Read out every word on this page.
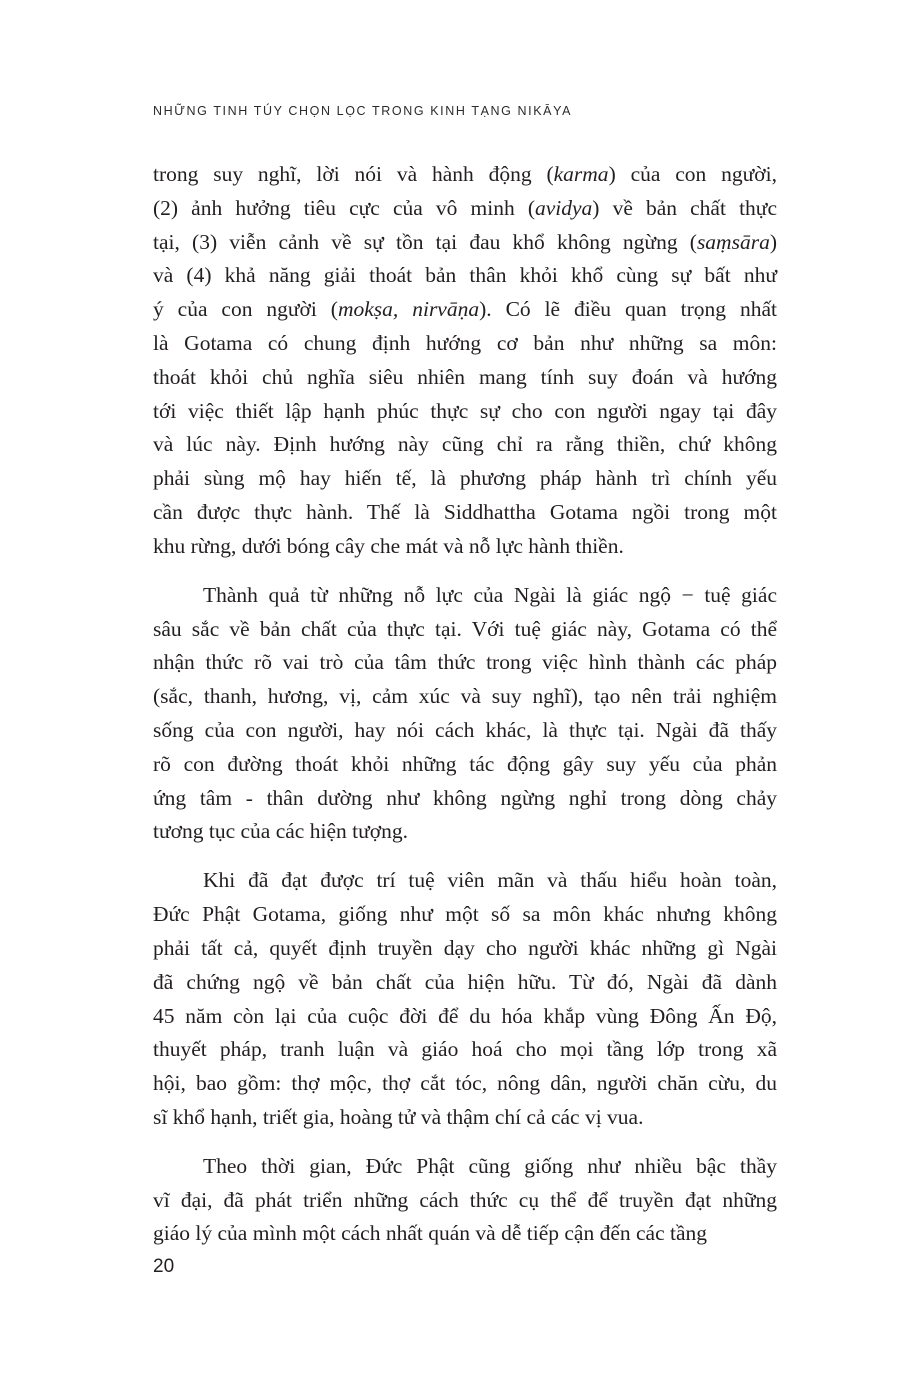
NHỮNG TINH TÚY CHỌN LỌC TRONG KINH TẠNG NIKĀYA
trong suy nghĩ, lời nói và hành động (karma) của con người,
(2) ảnh hưởng tiêu cực của vô minh (avidya) về bản chất thực
tại, (3) viễn cảnh về sự tồn tại đau khổ không ngừng (saṃsāra)
và (4) khả năng giải thoát bản thân khỏi khổ cùng sự bất như
ý của con người (mokṣa, nirvāṇa). Có lẽ điều quan trọng nhất
là Gotama có chung định hướng cơ bản như những sa môn:
thoát khỏi chủ nghĩa siêu nhiên mang tính suy đoán và hướng
tới việc thiết lập hạnh phúc thực sự cho con người ngay tại đây
và lúc này. Định hướng này cũng chỉ ra rằng thiền, chứ không
phải sùng mộ hay hiến tế, là phương pháp hành trì chính yếu
cần được thực hành. Thế là Siddhattha Gotama ngồi trong một
khu rừng, dưới bóng cây che mát và nỗ lực hành thiền.
Thành quả từ những nỗ lực của Ngài là giác ngộ − tuệ giác
sâu sắc về bản chất của thực tại. Với tuệ giác này, Gotama có thể
nhận thức rõ vai trò của tâm thức trong việc hình thành các pháp
(sắc, thanh, hương, vị, cảm xúc và suy nghĩ), tạo nên trải nghiệm
sống của con người, hay nói cách khác, là thực tại. Ngài đã thấy
rõ con đường thoát khỏi những tác động gây suy yếu của phản
ứng tâm - thân dường như không ngừng nghỉ trong dòng chảy
tương tục của các hiện tượng.
Khi đã đạt được trí tuệ viên mãn và thấu hiểu hoàn toàn,
Đức Phật Gotama, giống như một số sa môn khác nhưng không
phải tất cả, quyết định truyền dạy cho người khác những gì Ngài
đã chứng ngộ về bản chất của hiện hữu. Từ đó, Ngài đã dành
45 năm còn lại của cuộc đời để du hóa khắp vùng Đông Ấn Độ,
thuyết pháp, tranh luận và giáo hoá cho mọi tầng lớp trong xã
hội, bao gồm: thợ mộc, thợ cắt tóc, nông dân, người chăn cừu, du
sĩ khổ hạnh, triết gia, hoàng tử và thậm chí cả các vị vua.
Theo thời gian, Đức Phật cũng giống như nhiều bậc thầy
vĩ đại, đã phát triển những cách thức cụ thể để truyền đạt những
giáo lý của mình một cách nhất quán và dễ tiếp cận đến các tầng
20
